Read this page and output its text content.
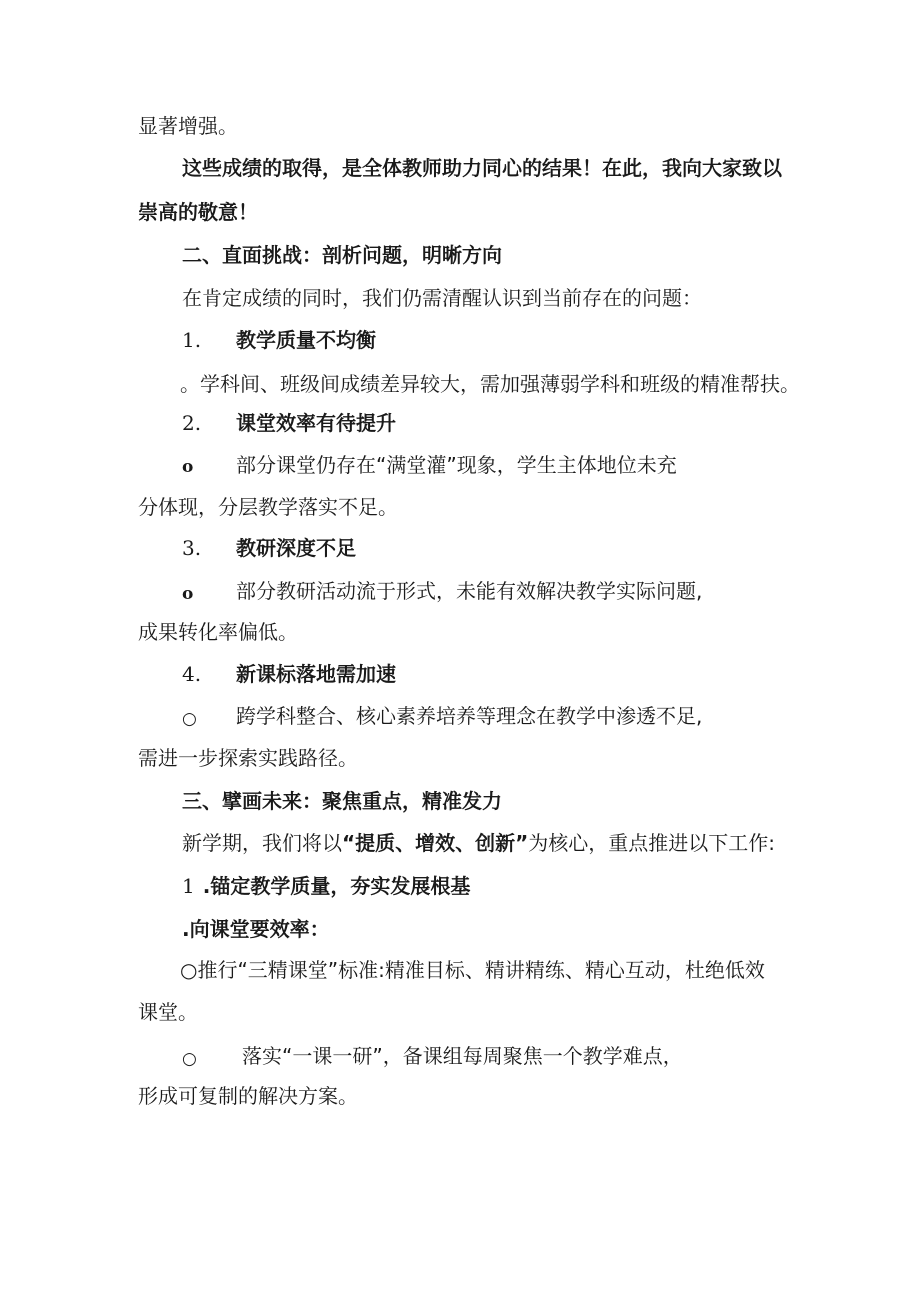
显著增强。
这些成绩的取得，是全体教师助力同心的结果！在此，我向大家致以
崇高的敬意！
二、直面挑战：剖析问题，明晰方向
在肯定成绩的同时，我们仍需清醒认识到当前存在的问题：
1. 教学质量不均衡
。学科间、班级间成绩差异较大，需加强薄弱学科和班级的精准帮扶。
2. 课堂效率有待提升
o 部分课堂仍存在“满堂灌”现象，学生主体地位未充
分体现，分层教学落实不足。
3. 教研深度不足
o 部分教研活动流于形式，未能有效解决教学实际问题,
成果转化率偏低。
4. 新课标落地需加速
○ 跨学科整合、核心素养培养等理念在教学中渗透不足,
需进一步探索实践路径。
三、擘画未来：聚焦重点，精准发力
新学期，我们将以“提质、增效、创新”为核心，重点推进以下工作:
1 .锚定教学质量，夯实发展根基
.向课堂要效率：
○推行“三精课堂”标准:精准目标、精讲精练、精心互动，杜绝低效
课堂。
○ 落实“一课一研”，备课组每周聚焦一个教学难点，
形成可复制的解决方案。
